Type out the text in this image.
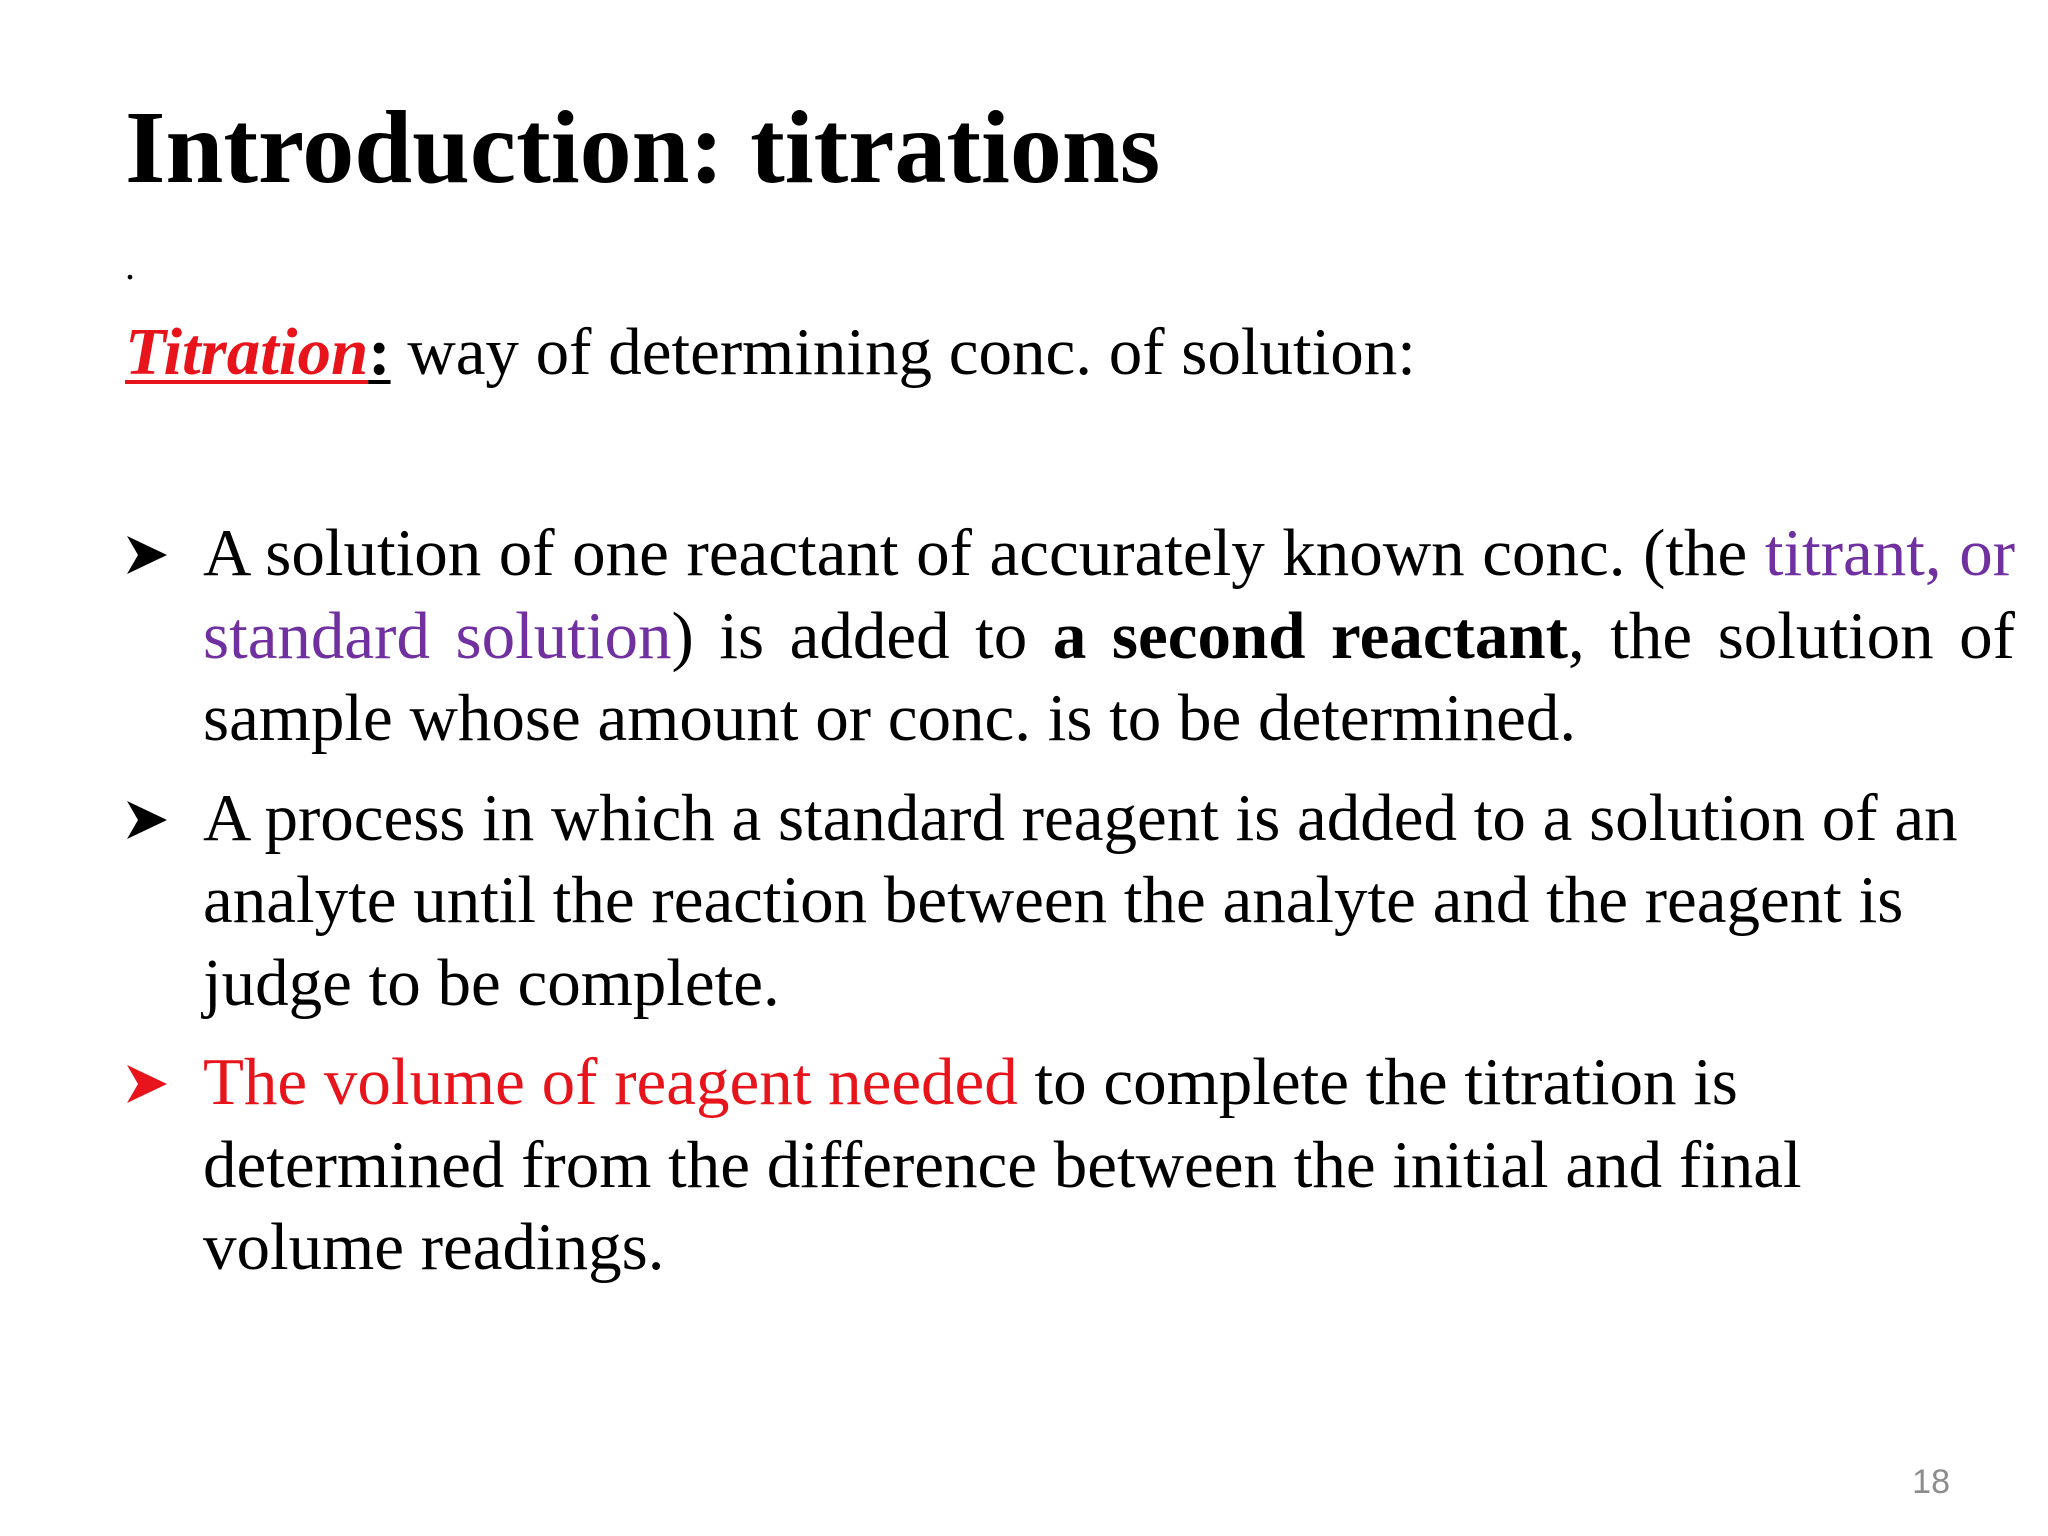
Introduction: titrations
.
Titration: way of determining conc. of solution:
A solution of one reactant of accurately known conc. (the titrant, or standard solution) is added to a second reactant, the solution of sample whose amount or conc. is to be determined.
A process in which a standard reagent is added to a solution of an analyte until the reaction between the analyte and the reagent is judge to be complete.
The volume of reagent needed to complete the titration is determined from the difference between the initial and final volume readings.
18
